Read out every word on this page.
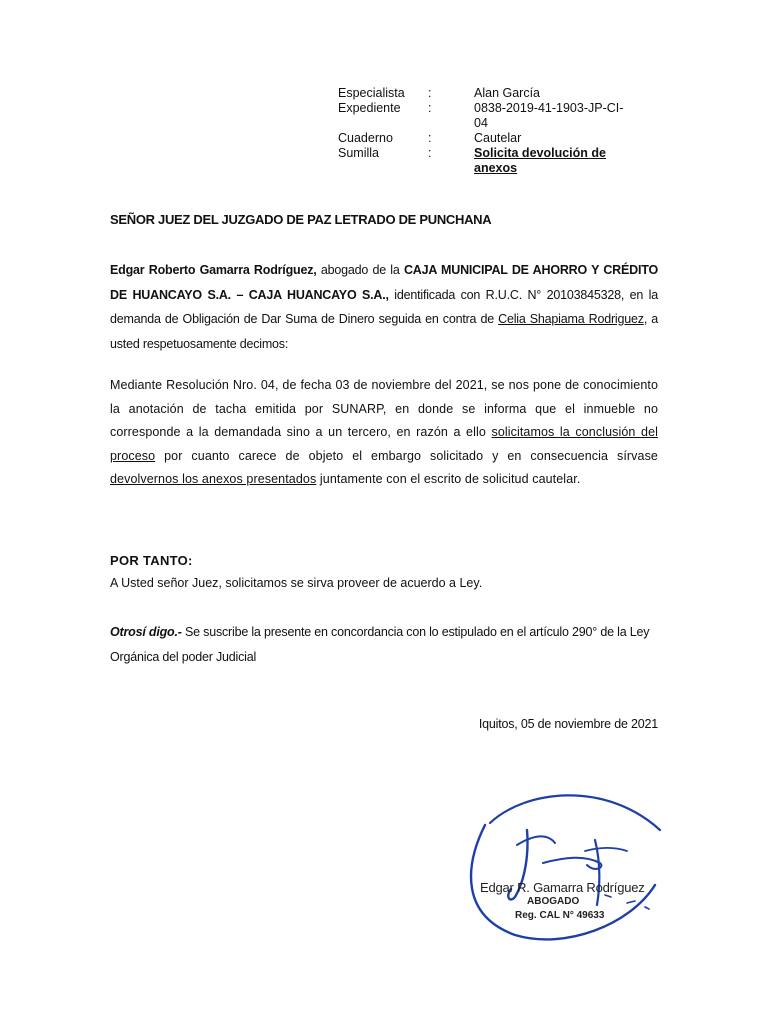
Especialista	:	Alan García
Expediente	:	0838-2019-41-1903-JP-CI-04
Cuaderno	:	Cautelar
Sumilla	:	Solicita devolución de anexos
SEÑOR JUEZ DEL JUZGADO DE PAZ LETRADO DE PUNCHANA
Edgar Roberto Gamarra Rodríguez, abogado de la CAJA MUNICIPAL DE AHORRO Y CRÉDITO DE HUANCAYO S.A. – CAJA HUANCAYO S.A., identificada con R.U.C. N° 20103845328, en la demanda de Obligación de Dar Suma de Dinero seguida en contra de Celia Shapiama Rodriguez, a usted respetuosamente decimos:
Mediante Resolución Nro. 04, de fecha 03 de noviembre del 2021, se nos pone de conocimiento la anotación de tacha emitida por SUNARP, en donde se informa que el inmueble no corresponde a la demandada sino a un tercero, en razón a ello solicitamos la conclusión del proceso por cuanto carece de objeto el embargo solicitado y en consecuencia sírvase devolvernos los anexos presentados juntamente con el escrito de solicitud cautelar.
POR TANTO:
A Usted señor Juez, solicitamos se sirva proveer de acuerdo a Ley.
Otrosí digo.- Se suscribe la presente en concordancia con lo estipulado en el artículo 290° de la Ley Orgánica del poder Judicial
Iquitos, 05 de noviembre de 2021
Edgar R. Gamarra Rodríguez
ABOGADO
Reg. CAL N° 49633
